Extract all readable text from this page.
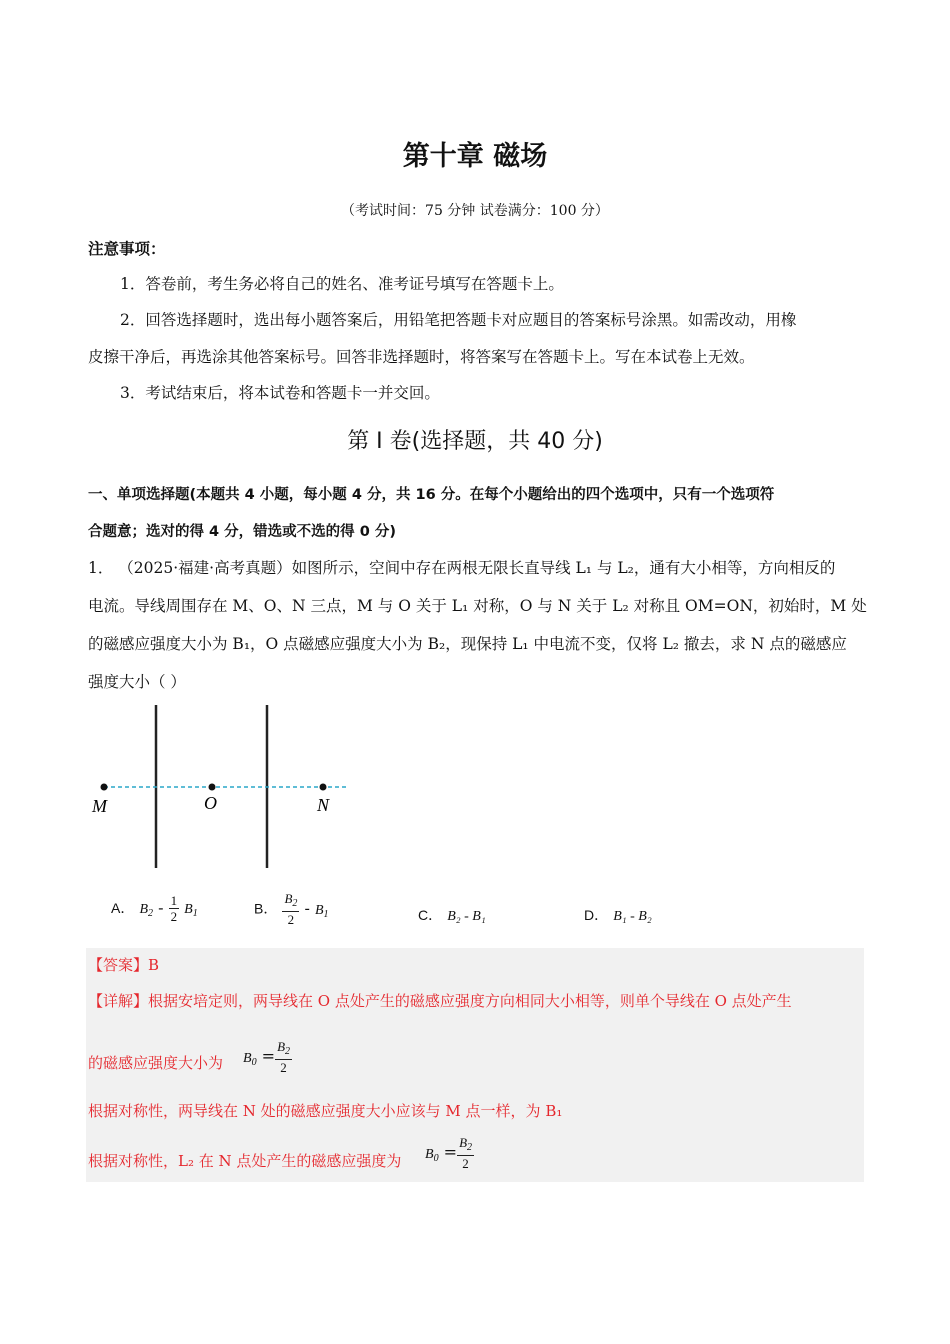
第十章 磁场
（考试时间：75 分钟 试卷满分：100 分）
注意事项：
1．答卷前，考生务必将自己的姓名、准考证号填写在答题卡上。
2．回答选择题时，选出每小题答案后，用铅笔把答题卡对应题目的答案标号涂黑。如需改动，用橡
皮擦干净后，再选涂其他答案标号。回答非选择题时，将答案写在答题卡上。写在本试卷上无效。
3．考试结束后，将本试卷和答题卡一并交回。
第 Ⅰ 卷(选择题，共 40 分)
一、单项选择题(本题共 4 小题，每小题 4 分，共 16 分。在每个小题给出的四个选项中，只有一个选项符
合题意；选对的得 4 分，错选或不选的得 0 分)
1． （2025·福建·高考真题）如图所示，空间中存在两根无限长直导线 L₁ 与 L₂，通有大小相等，方向相反的
电流。导线周围存在 M、O、N 三点，M 与 O 关于 L₁ 对称，O 与 N 关于 L₂ 对称且 OM=ON，初始时，M 处
的磁感应强度大小为 B₁，O 点磁感应强度大小为 B₂，现保持 L₁ 中电流不变，仅将 L₂ 撤去，求 N 点的磁感应
强度大小（ ）
M	O	N
A． $B_2 - \frac{1}{2} B_1$	B． $\frac{B_2}{2} - B_1$	C． B₂ - B₁	D． B₁ - B₂
【答案】B
【详解】根据安培定则，两导线在 O 点处产生的磁感应强度方向相同大小相等，则单个导线在 O 点处产生
的磁感应强度大小为	$B_0 = \frac{B_2}{2}$
根据对称性，两导线在 N 处的磁感应强度大小应该与 M 点一样，为 B₁
根据对称性，L₂ 在 N 点处产生的磁感应强度为	$B_0 = \frac{B_2}{2}$
